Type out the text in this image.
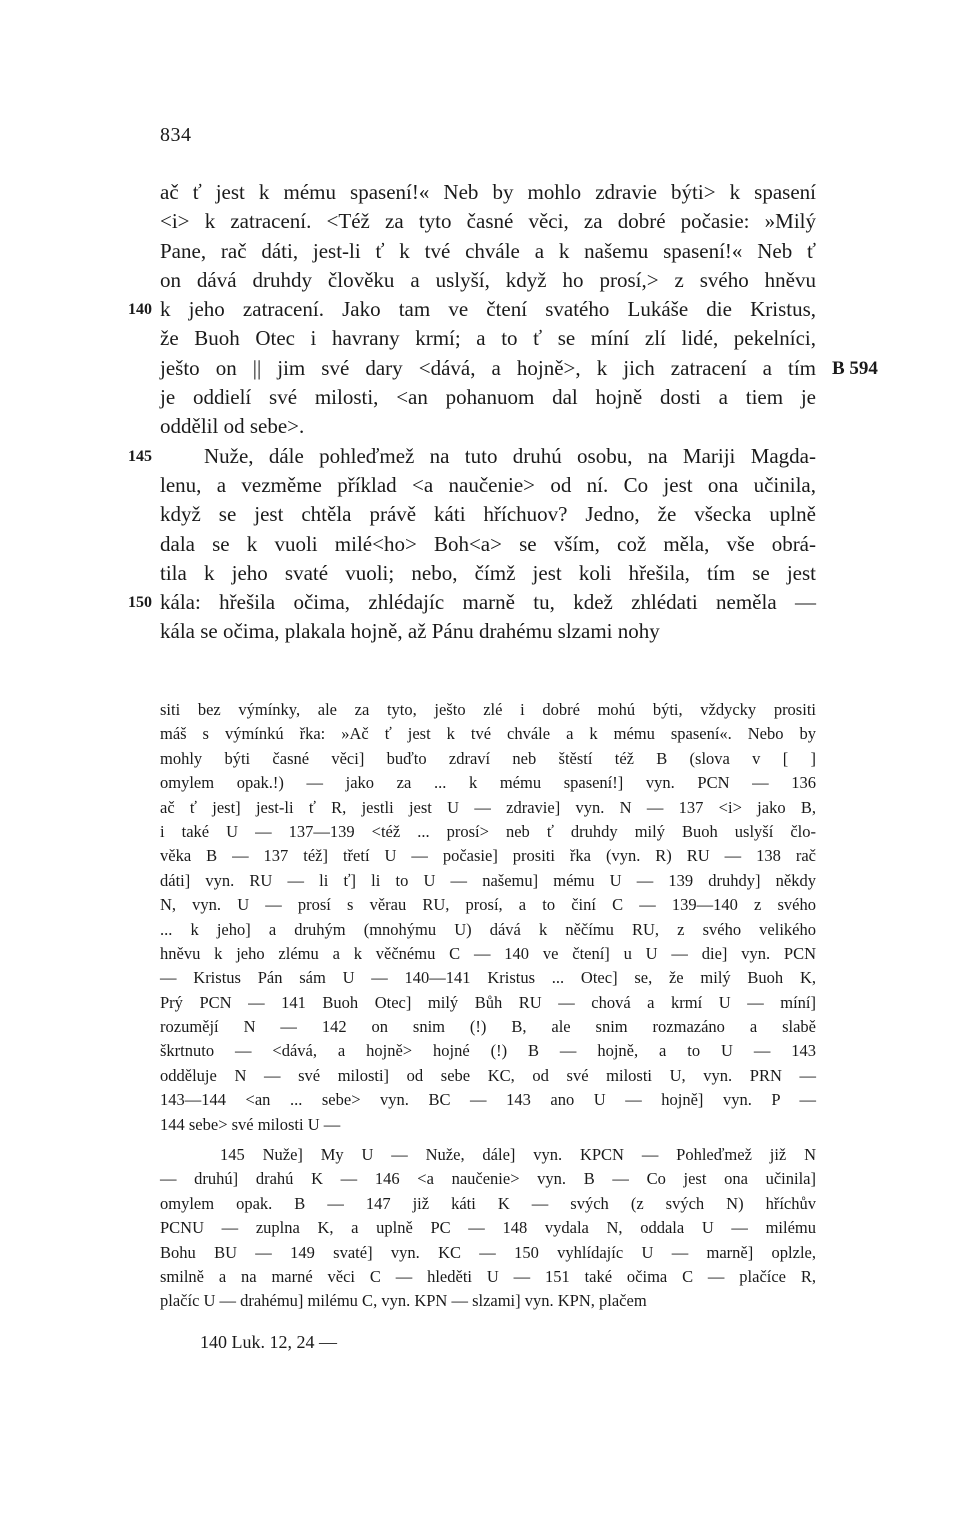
834
ač ť jest k mému spasení!« Neb by mohlo zdravie býti> k spasení
<i> k zatracení. <Též za tyto časné věci, za dobré počasie: »Milý
Pane, rač dáti, jest-li ť k tvé chvále a k našemu spasení!« Neb ť
on dává druhdy člověku a uslyší, když ho prosí,> z svého hněvu
k jeho zatracení. Jako tam ve čtení svatého Lukáše die Kristus,
140
že Buoh Otec i havrany krmí; a to ť se míní zlí lidé, pekelníci,
ješto on || jim své dary <dává, a hojně>, k jich zatracení a tím B 594
je oddielí své milosti, <an pohanuom dal hojně dosti a tiem je
oddělil od sebe>.
Nuže, dále pohleďmež na tuto druhú osobu, na Mariji Magda-
145
lenu, a vezměme příklad <a naučenie> od ní. Co jest ona učinila,
když se jest chtěla právě káti hříchuov? Jedno, že všecka uplně
dala se k vuoli milé<ho> Boh<a> se vším, což měla, vše obrá-
tila k jeho svaté vuoli; nebo, čímž jest koli hřešila, tím se jest
kála: hřešila očima, zhlédajíc marně tu, kdež zhlédati neměla —
150
kála se očima, plakala hojně, až Pánu drahému slzami nohy
siti bez výmínky, ale za tyto, ješto zlé i dobré mohú býti, vždycky prositi
máš s výmínkú řka: »Ač ť jest k tvé chvále a k mému spasení«. Nebo by
mohly býti časné věci] buďto zdraví neb štěstí též B (slova v [ ]
omylem opak.!) — jako za ... k mému spasení!] vyn. PCN — 136
ač ť jest] jest-li ť R, jestli jest U — zdravie] vyn. N — 137 <i> jako B,
i také U — 137—139 <též ... prosí> neb ť druhdy milý Buoh uslyší člo-
věka B — 137 též] třetí U — počasie] prositi řka (vyn. R) RU — 138 rač
dáti] vyn. RU — li ť] li to U — našemu] mému U — 139 druhdy] někdy
N, vyn. U — prosí s věrau RU, prosí, a to činí C — 139—140 z svého
... k jeho] a druhým (mnohýmu U) dává k něčímu RU, z svého velikého
hněvu k jeho zlému a k věčnému C — 140 ve čtení] u U — die] vyn. PCN
— Kristus Pán sám U — 140—141 Kristus ... Otec] se, že milý Buoh K,
Prý PCN — 141 Buoh Otec] milý Bůh RU — chová a krmí U — míní]
rozumějí N — 142 on snim (!) B, ale snim rozmazáno a slabě
škrtnuto — <dává, a hojně> hojné (!) B — hojně, a to U — 143
odděluje N — své milosti] od sebe KC, od své milosti U, vyn. PRN —
143—144 <an ... sebe> vyn. BC — 143 ano U — hojně] vyn. P —
144 sebe> své milosti U —
145 Nuže] My U — Nuže, dále] vyn. KPCN — Pohleďmež již N
— druhú] drahú K — 146 <a naučenie> vyn. B — Co jest ona učinila]
omylem opak. B — 147 již káti K — svých (z svých N) hříchův
PCNU — zuplna K, a uplně PC — 148 vydala N, oddala U — milému
Bohu BU — 149 svaté] vyn. KC — 150 vyhlídajíc U — marně] oplzle,
smilně a na marné věci C — hleděti U — 151 také očima C — plačíce R,
plačíc U — drahému] milému C, vyn. KPN — slzami] vyn. KPN, plačem
140 Luk. 12, 24 —
